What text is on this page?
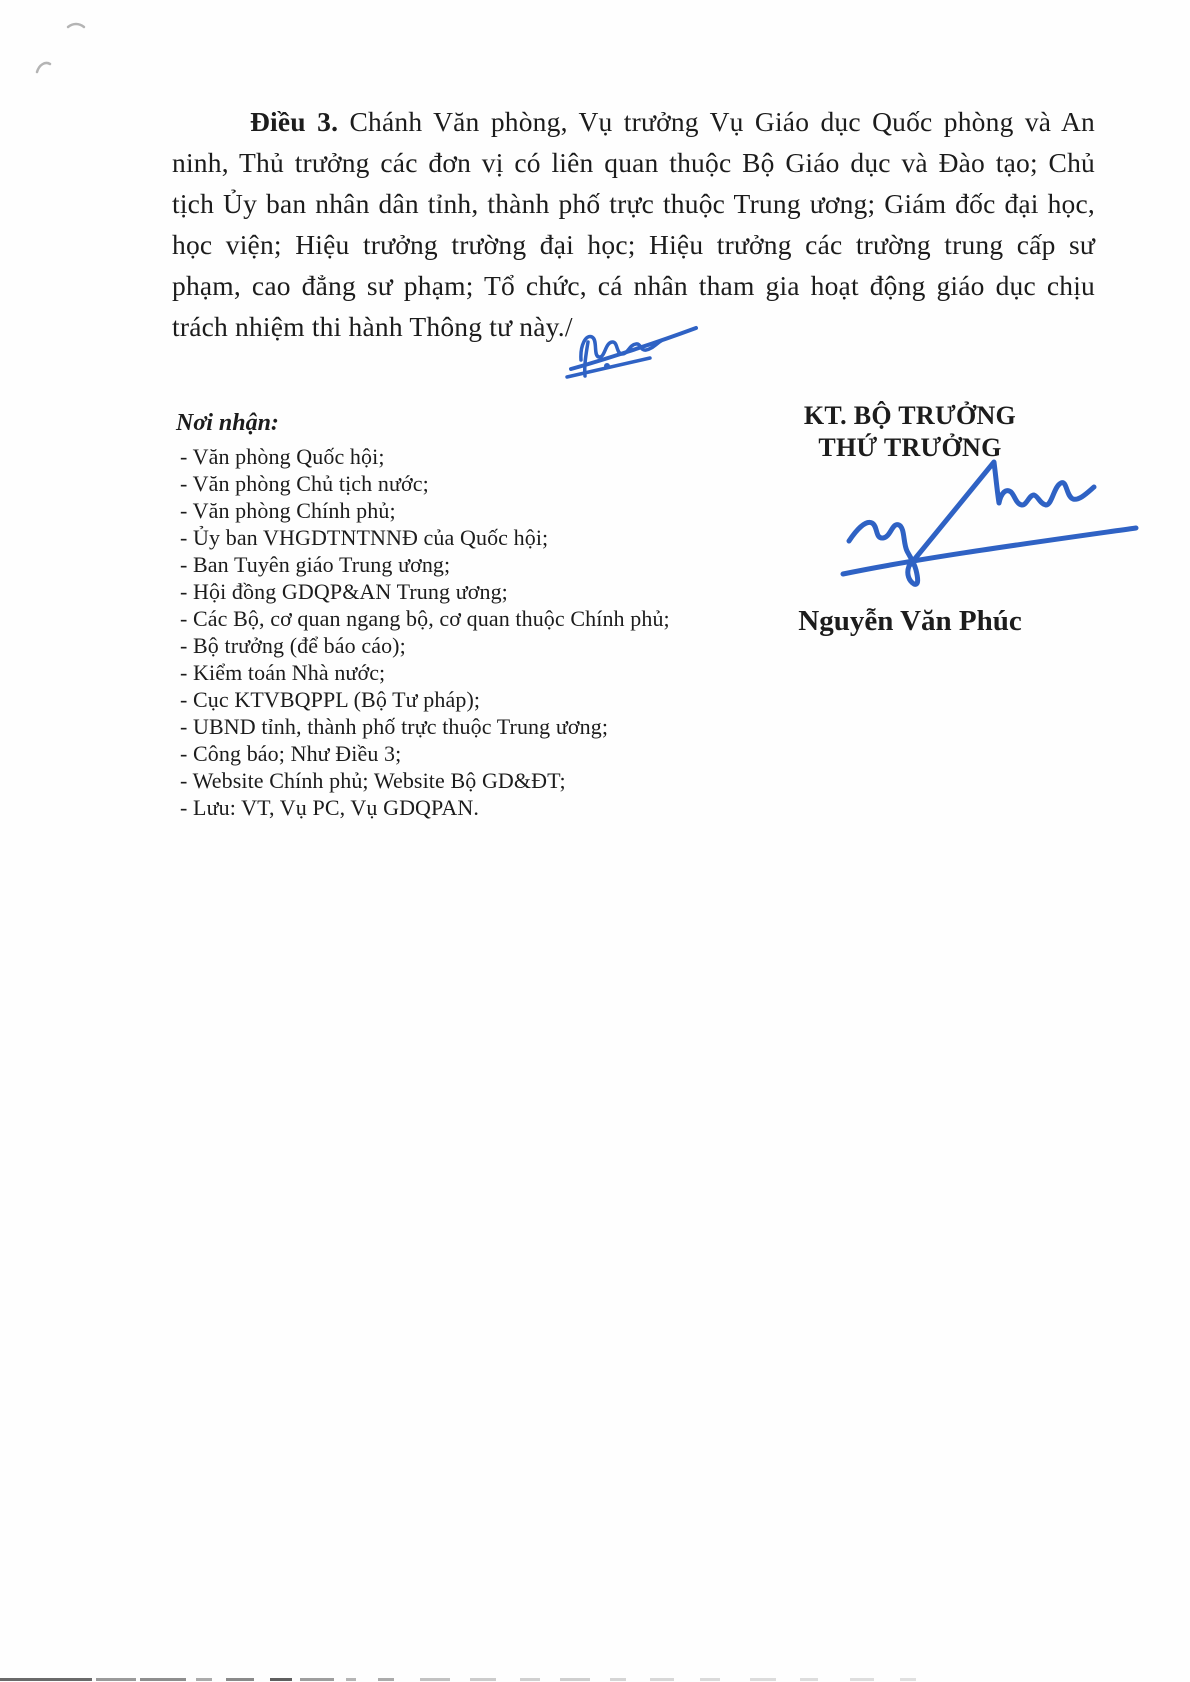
Điều 3. Chánh Văn phòng, Vụ trưởng Vụ Giáo dục Quốc phòng và An
ninh, Thủ trưởng các đơn vị có liên quan thuộc Bộ Giáo dục và Đào tạo; Chủ
tịch Ủy ban nhân dân tỉnh, thành phố trực thuộc Trung ương; Giám đốc đại học,
học viện; Hiệu trưởng trường đại học; Hiệu trưởng các trường trung cấp sư
phạm, cao đẳng sư phạm; Tổ chức, cá nhân tham gia hoạt động giáo dục chịu
trách nhiệm thi hành Thông tư này./
Nơi nhận:
- Văn phòng Quốc hội;
- Văn phòng Chủ tịch nước;
- Văn phòng Chính phủ;
- Ủy ban VHGDTNTNNĐ của Quốc hội;
- Ban Tuyên giáo Trung ương;
- Hội đồng GDQP&AN Trung ương;
- Các Bộ, cơ quan ngang bộ, cơ quan thuộc Chính phủ;
- Bộ trưởng (để báo cáo);
- Kiểm toán Nhà nước;
- Cục KTVBQPPL (Bộ Tư pháp);
- UBND tỉnh, thành phố trực thuộc Trung ương;
- Công báo; Như Điều 3;
- Website Chính phủ; Website Bộ GD&ĐT;
- Lưu: VT, Vụ PC, Vụ GDQPAN.
KT. BỘ TRƯỞNG
THỨ TRƯỞNG
Nguyễn Văn Phúc
